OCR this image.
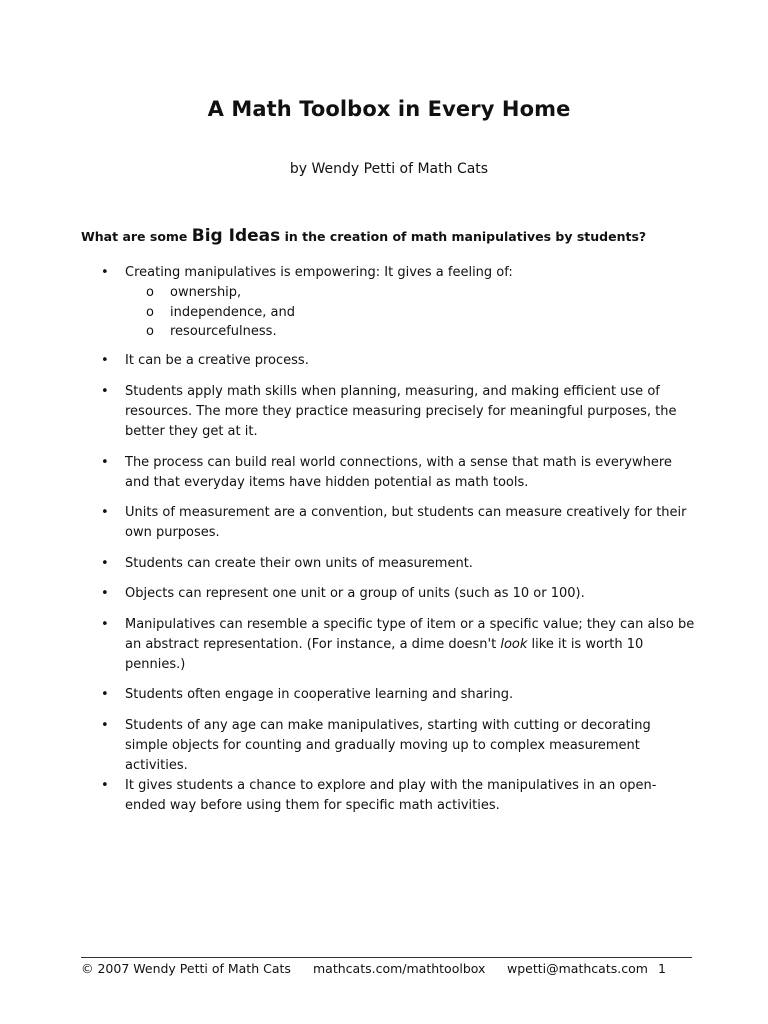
A Math Toolbox in Every Home
by Wendy Petti of Math Cats
What are some Big Ideas in the creation of math manipulatives by students?
• Creating manipulatives is empowering: It gives a feeling of:
o ownership,
o independence, and
o resourcefulness.
• It can be a creative process.
• Students apply math skills when planning, measuring, and making efficient use of resources. The more they practice measuring precisely for meaningful purposes, the better they get at it.
• The process can build real world connections, with a sense that math is everywhere and that everyday items have hidden potential as math tools.
• Units of measurement are a convention, but students can measure creatively for their own purposes.
• Students can create their own units of measurement.
• Objects can represent one unit or a group of units (such as 10 or 100).
• Manipulatives can resemble a specific type of item or a specific value; they can also be an abstract representation. (For instance, a dime doesn't look like it is worth 10 pennies.)
• Students often engage in cooperative learning and sharing.
• Students of any age can make manipulatives, starting with cutting or decorating simple objects for counting and gradually moving up to complex measurement activities.
• It gives students a chance to explore and play with the manipulatives in an open-ended way before using them for specific math activities.
© 2007 Wendy Petti of Math Cats mathcats.com/mathtoolbox wpetti@mathcats.com 1
